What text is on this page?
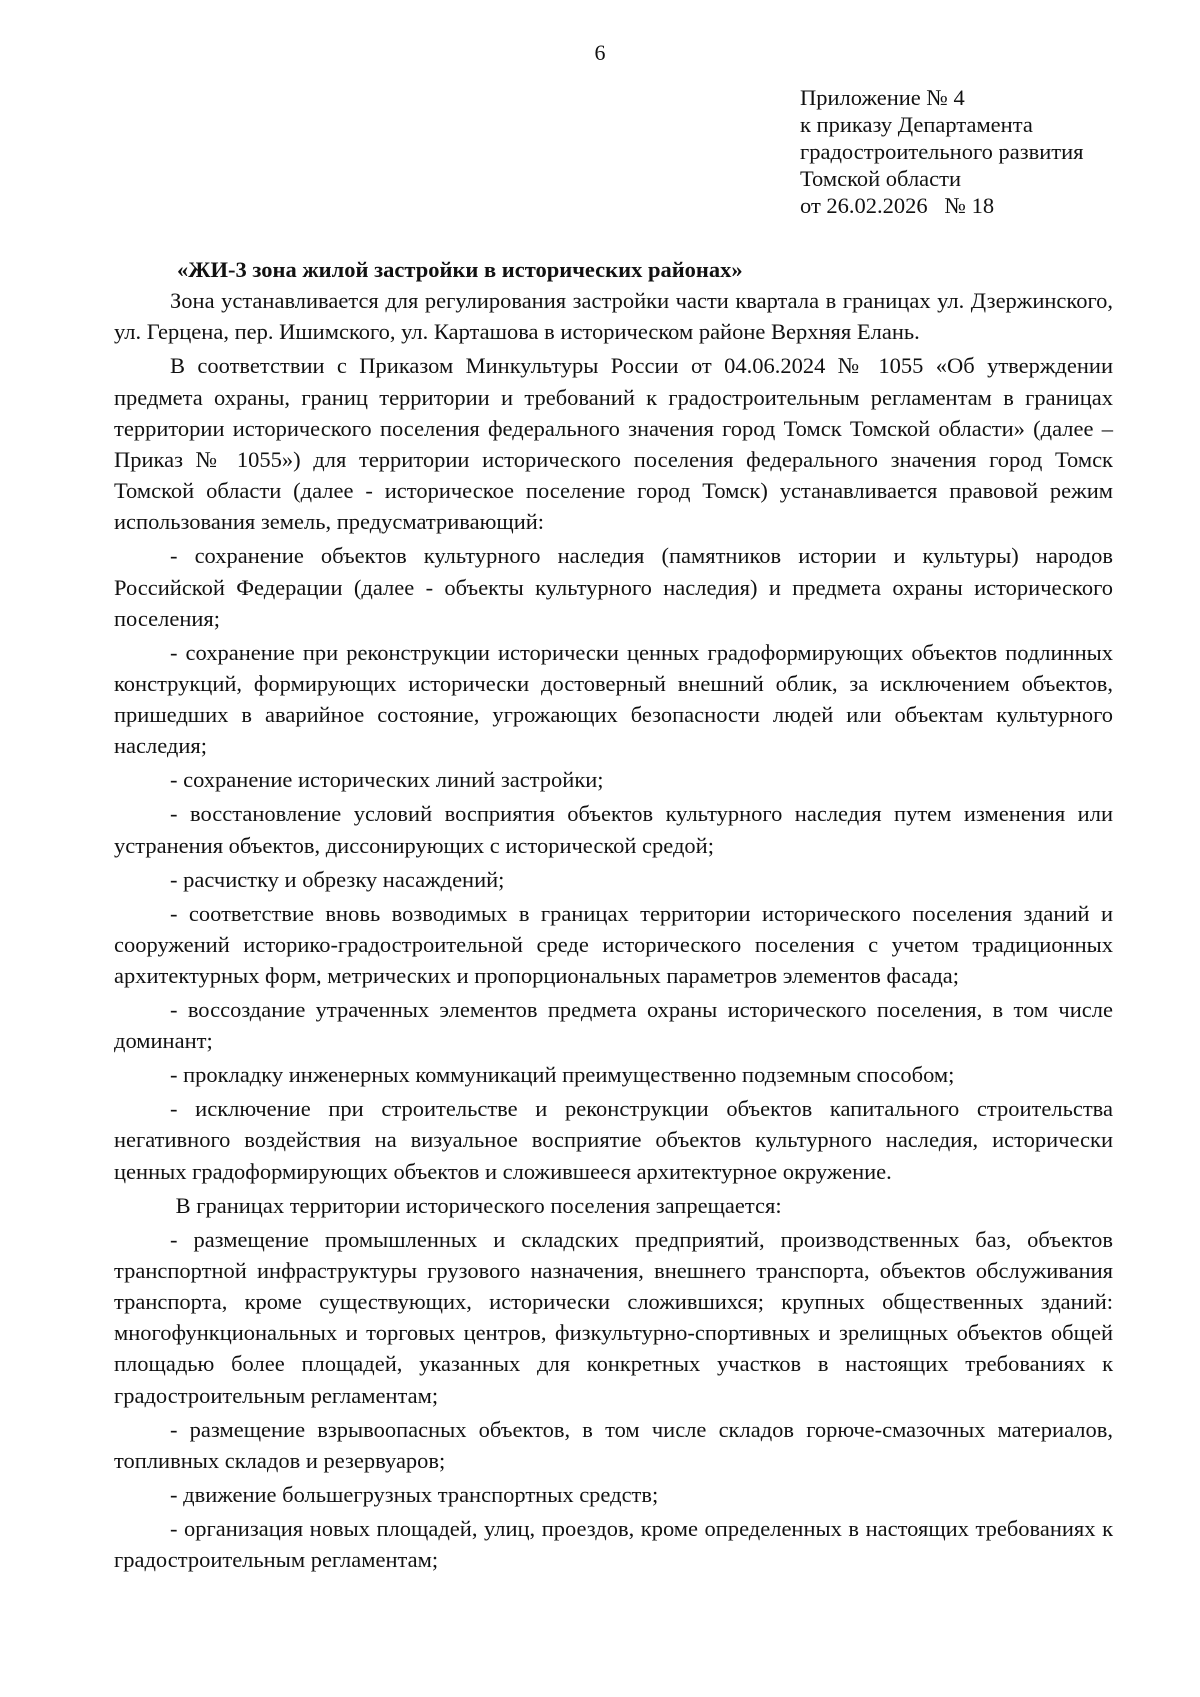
6
Приложение № 4
к приказу Департамента
градостроительного развития
Томской области
от 26.02.2026   № 18

«ЖИ-3 зона жилой застройки в исторических районах»

Зона устанавливается для регулирования застройки части квартала в границах ул. Дзержинского, ул. Герцена, пер. Ишимского, ул. Карташова в историческом районе Верхняя Елань.

В соответствии с Приказом Минкультуры России от 04.06.2024 № 1055 «Об утверждении предмета охраны, границ территории и требований к градостроительным регламентам в границах территории исторического поселения федерального значения город Томск Томской области» (далее – Приказ № 1055») для территории исторического поселения федерального значения город Томск Томской области (далее - историческое поселение город Томск) устанавливается правовой режим использования земель, предусматривающий:

- сохранение объектов культурного наследия (памятников истории и культуры) народов Российской Федерации (далее - объекты культурного наследия) и предмета охраны исторического поселения;

- сохранение при реконструкции исторически ценных градоформирующих объектов подлинных конструкций, формирующих исторически достоверный внешний облик, за исключением объектов, пришедших в аварийное состояние, угрожающих безопасности людей или объектам культурного наследия;

- сохранение исторических линий застройки;

- восстановление условий восприятия объектов культурного наследия путем изменения или устранения объектов, диссонирующих с исторической средой;

- расчистку и обрезку насаждений;

- соответствие вновь возводимых в границах территории исторического поселения зданий и сооружений историко-градостроительной среде исторического поселения с учетом традиционных архитектурных форм, метрических и пропорциональных параметров элементов фасада;

- воссоздание утраченных элементов предмета охраны исторического поселения, в том числе доминант;

- прокладку инженерных коммуникаций преимущественно подземным способом;

- исключение при строительстве и реконструкции объектов капитального строительства негативного воздействия на визуальное восприятие объектов культурного наследия, исторически ценных градоформирующих объектов и сложившееся архитектурное окружение.

В границах территории исторического поселения запрещается:

- размещение промышленных и складских предприятий, производственных баз, объектов транспортной инфраструктуры грузового назначения, внешнего транспорта, объектов обслуживания транспорта, кроме существующих, исторически сложившихся; крупных общественных зданий: многофункциональных и торговых центров, физкультурно-спортивных и зрелищных объектов общей площадью более площадей, указанных для конкретных участков в настоящих требованиях к градостроительным регламентам;

- размещение взрывоопасных объектов, в том числе складов горюче-смазочных материалов, топливных складов и резервуаров;

- движение большегрузных транспортных средств;

- организация новых площадей, улиц, проездов, кроме определенных в настоящих требованиях к градостроительным регламентам;
